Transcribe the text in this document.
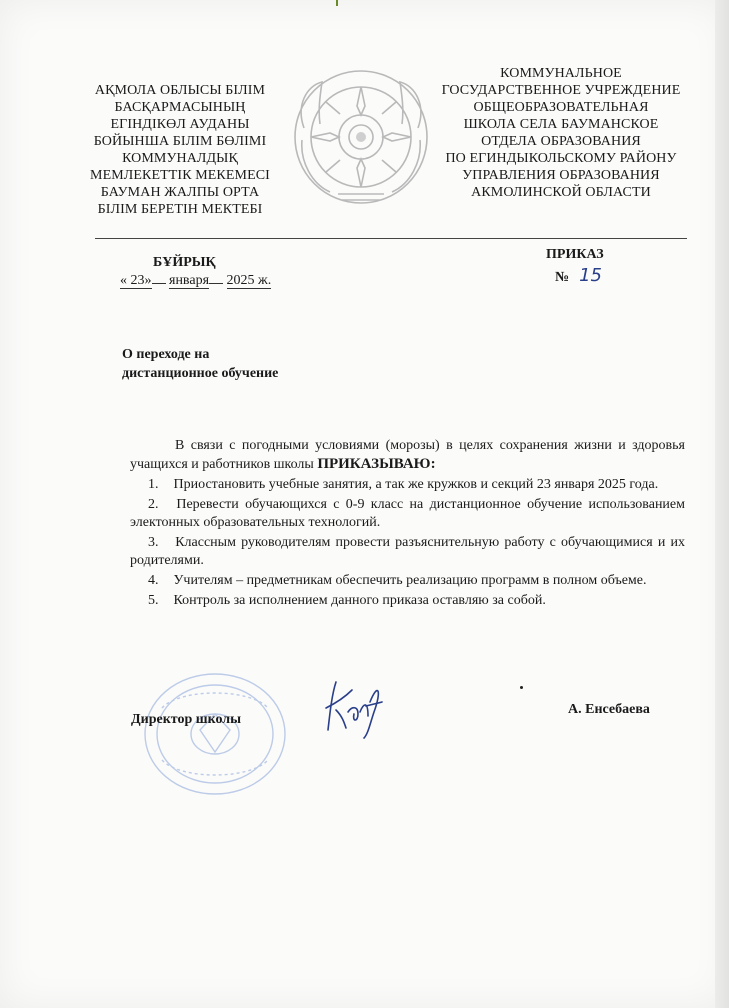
АҚМОЛА ОБЛЫСЫ БІЛІМ
БАСҚАРМАСЫНЫҢ
ЕГІНДІКӨЛ АУДАНЫ
БОЙЫНША БІЛІМ БӨЛІМІ
КОММУНАЛДЫҚ
МЕМЛЕКЕТТІК МЕКЕМЕСІ
БАУМАН ЖАЛПЫ ОРТА
БІЛІМ БЕРЕТІН МЕКТЕБІ
КОММУНАЛЬНОЕ
ГОСУДАРСТВЕННОЕ УЧРЕЖДЕНИЕ
ОБЩЕОБРАЗОВАТЕЛЬНАЯ
ШКОЛА СЕЛА БАУМАНСКОЕ
ОТДЕЛА ОБРАЗОВАНИЯ
ПО ЕГИНДЫКОЛЬСКОМУ РАЙОНУ
УПРАВЛЕНИЯ ОБРАЗОВАНИЯ
АКМОЛИНСКОЙ ОБЛАСТИ
БҰЙРЫҚ
« 23» января 2025 ж.
ПРИКАЗ
№ 15
О переходе на
дистанционное обучение

В связи с погодными условиями (морозы) в целях сохранения жизни и здоровья учащихся и работников школы ПРИКАЗЫВАЮ:

1. Приостановить учебные занятия, а так же кружков и секций 23 января 2025 года.
2. Перевести обучающихся с 0-9 класс на дистанционное обучение использованием электонных образовательных технологий.
3. Классным руководителям провести разъяснительную работу с обучающимися и их родителями.
4. Учителям – предметникам обеспечить реализацию программ в полном объеме.
5. Контроль за исполнением данного приказа оставляю за собой.
Директор школы
А. Енсебаева
